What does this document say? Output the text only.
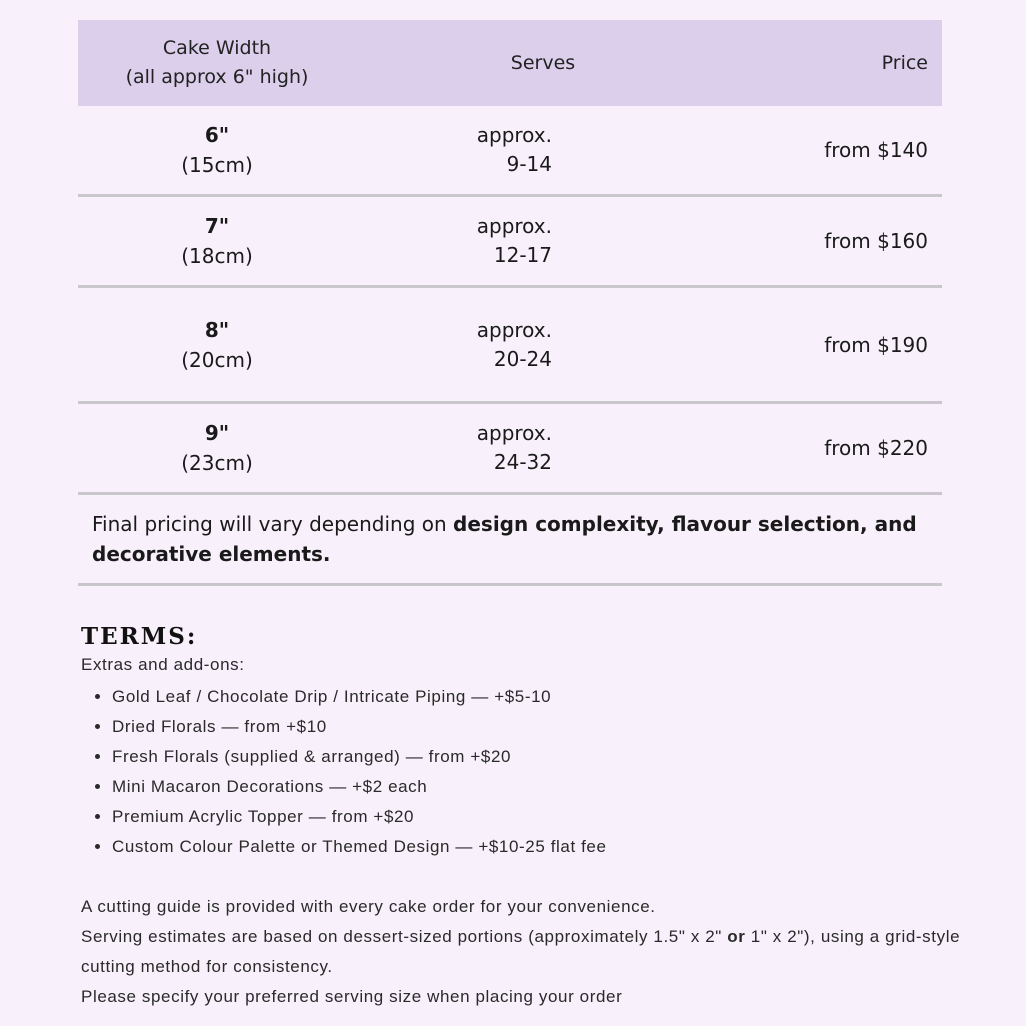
Cake Width
(all approx 6" high)
Serves	Price
6"
(15cm)
approx.
9-14
from $140
7"
(18cm)
approx.
12-17
from $160
8"
(20cm)
approx.
20-24
from $190
9"
(23cm)
approx.
24-32
from $220
Final pricing will vary depending on design complexity, flavour selection, and decorative elements.
TERMS:

Extras and add-ons:

• Gold Leaf / Chocolate Drip / Intricate Piping — +$5-10
• Dried Florals — from +$10
• Fresh Florals (supplied & arranged) — from +$20
• Mini Macaron Decorations — +$2 each
• Premium Acrylic Topper — from +$20
• Custom Colour Palette or Themed Design — +$10-25 flat fee

A cutting guide is provided with every cake order for your convenience.

Serving estimates are based on dessert-sized portions (approximately 1.5" x 2" or 1" x 2"), using a grid-style cutting method for consistency.

Please specify your preferred serving size when placing your order
